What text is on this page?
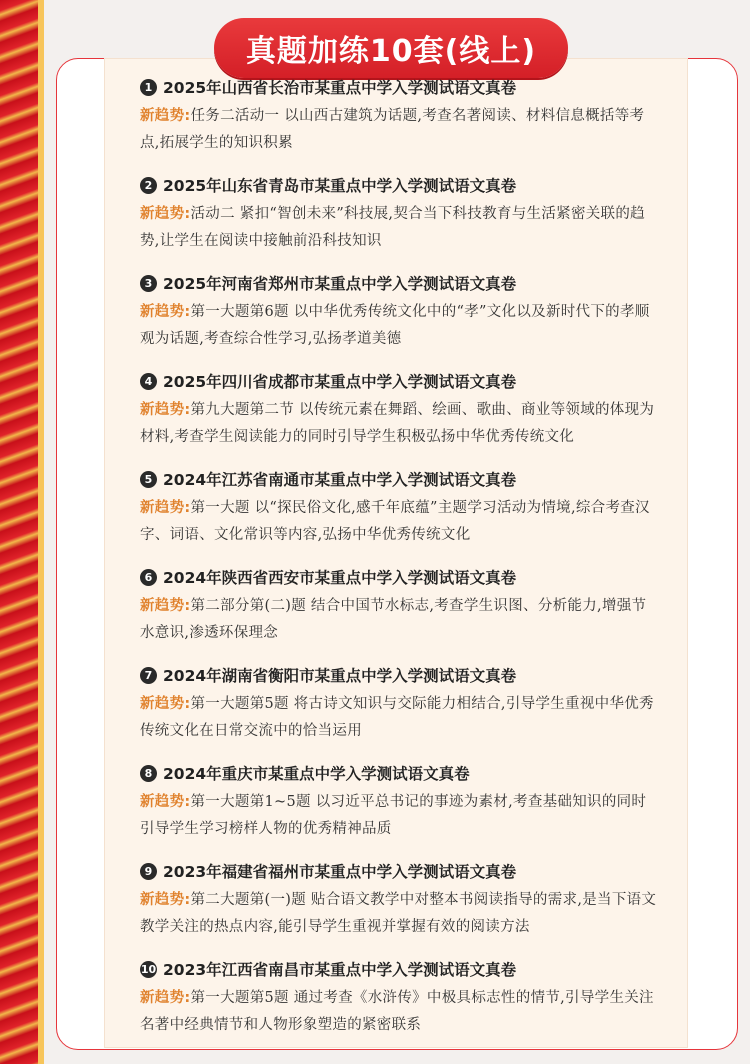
真题加练10套(线上)
1 2025年山西省长治市某重点中学入学测试语文真卷
新趋势:任务二活动一 以山西古建筑为话题,考查名著阅读、材料信息概括等考点,拓展学生的知识积累
2 2025年山东省青岛市某重点中学入学测试语文真卷
新趋势:活动二 紧扣“智创未来”科技展,契合当下科技教育与生活紧密关联的趋势,让学生在阅读中接触前沿科技知识
3 2025年河南省郑州市某重点中学入学测试语文真卷
新趋势:第一大题第6题 以中华优秀传统文化中的“孝”文化以及新时代下的孝顺观为话题,考查综合性学习,弘扬孝道美德
4 2025年四川省成都市某重点中学入学测试语文真卷
新趋势:第九大题第二节 以传统元素在舞蹈、绘画、歌曲、商业等领域的体现为材料,考查学生阅读能力的同时引导学生积极弘扬中华优秀传统文化
5 2024年江苏省南通市某重点中学入学测试语文真卷
新趋势:第一大题 以“探民俗文化,感千年底蕴”主题学习活动为情境,综合考查汉字、词语、文化常识等内容,弘扬中华优秀传统文化
6 2024年陕西省西安市某重点中学入学测试语文真卷
新趋势:第二部分第(二)题 结合中国节水标志,考查学生识图、分析能力,增强节水意识,渗透环保理念
7 2024年湖南省衡阳市某重点中学入学测试语文真卷
新趋势:第一大题第5题 将古诗文知识与交际能力相结合,引导学生重视中华优秀传统文化在日常交流中的恰当运用
8 2024年重庆市某重点中学入学测试语文真卷
新趋势:第一大题第1~5题 以习近平总书记的事迹为素材,考查基础知识的同时引导学生学习榜样人物的优秀精神品质
9 2023年福建省福州市某重点中学入学测试语文真卷
新趋势:第二大题第(一)题 贴合语文教学中对整本书阅读指导的需求,是当下语文教学关注的热点内容,能引导学生重视并掌握有效的阅读方法
10 2023年江西省南昌市某重点中学入学测试语文真卷
新趋势:第一大题第5题 通过考查《水浒传》中极具标志性的情节,引导学生关注名著中经典情节和人物形象塑造的紧密联系
